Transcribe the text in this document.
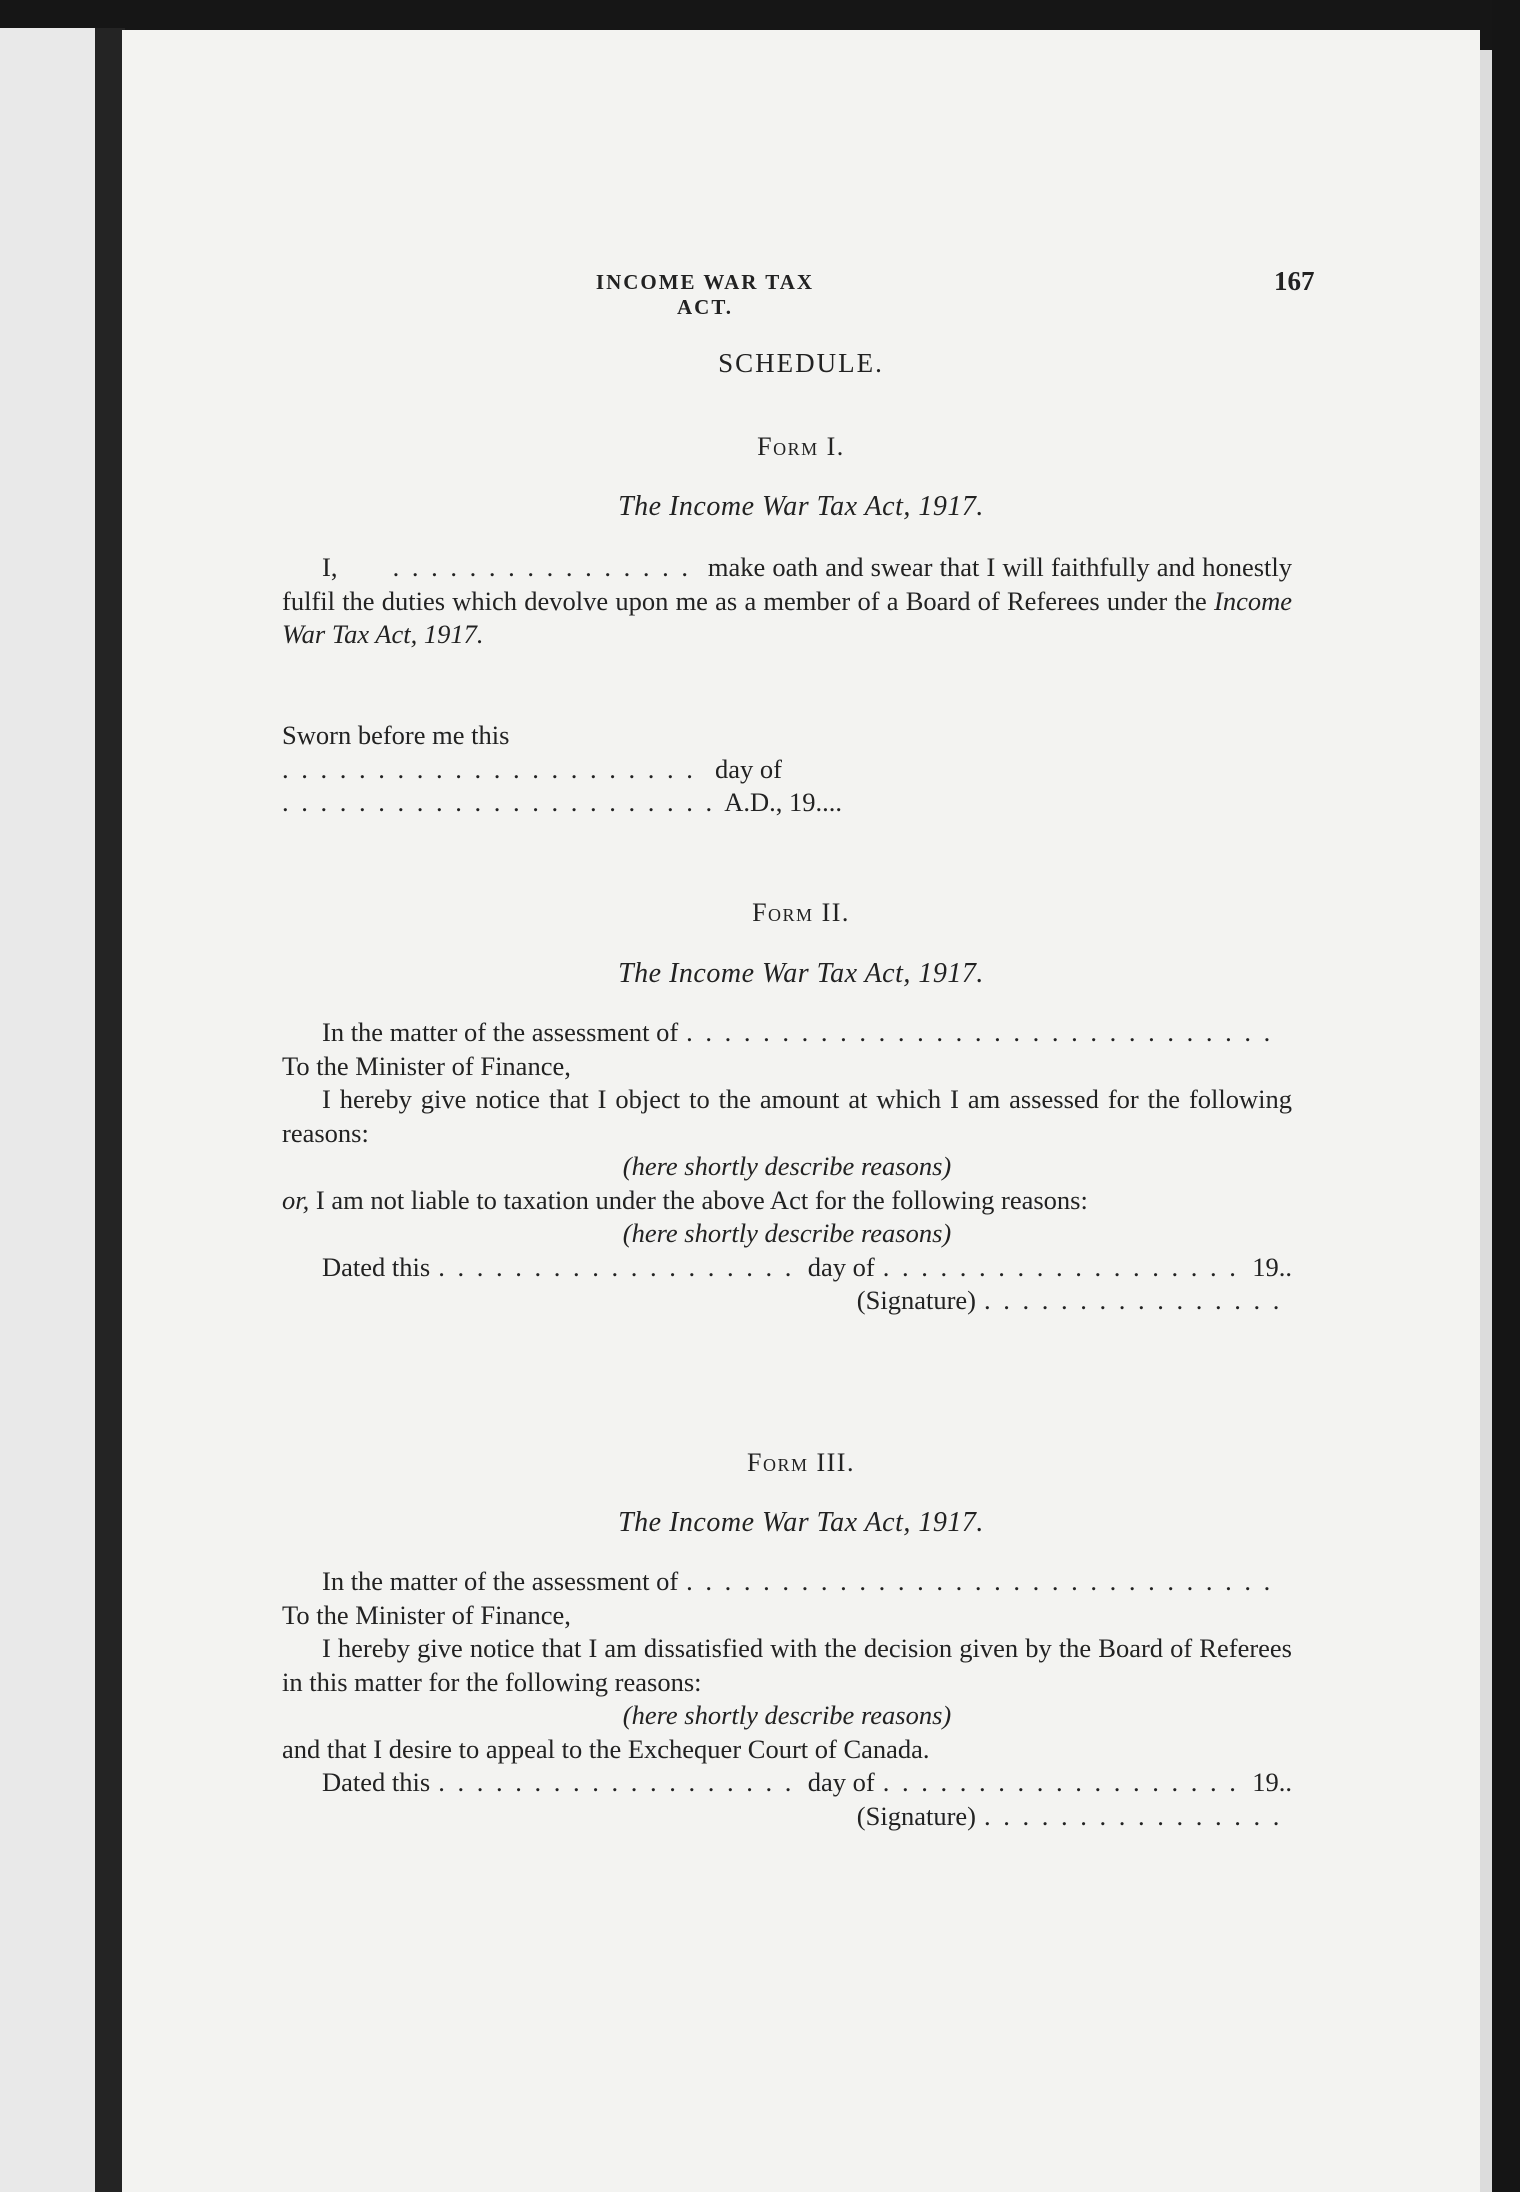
INCOME WAR TAX ACT.
167
SCHEDULE.
Form I.
The Income War Tax Act, 1917.

I, . . .	make oath and swear that I will faithfully and honestly fulfil the duties which devolve upon me as a member of a Board of Referees under the Income War Tax Act, 1917.

Sworn before me this

. . .
day of

. . .
A.D., 19....

Form II.
The Income War Tax Act, 1917.

In the matter of the assessment of
. . .

To the Minister of Finance,

I hereby give notice that I object to the amount at which I am assessed for the following reasons:

(here shortly describe reasons)

or, I am not liable to taxation under the above Act for the following reasons:

(here shortly describe reasons)

Dated this . . .	day of . . .	19..

(Signature)
. . .

Form III.
The Income War Tax Act, 1917.

In the matter of the assessment of
. . .

To the Minister of Finance,

I hereby give notice that I am dissatisfied with the decision given by the Board of Referees in this matter for the following reasons:

(here shortly describe reasons)

and that I desire to appeal to the Exchequer Court of Canada.

Dated this . . .	day of . . .	19..

(Signature)
. . .
